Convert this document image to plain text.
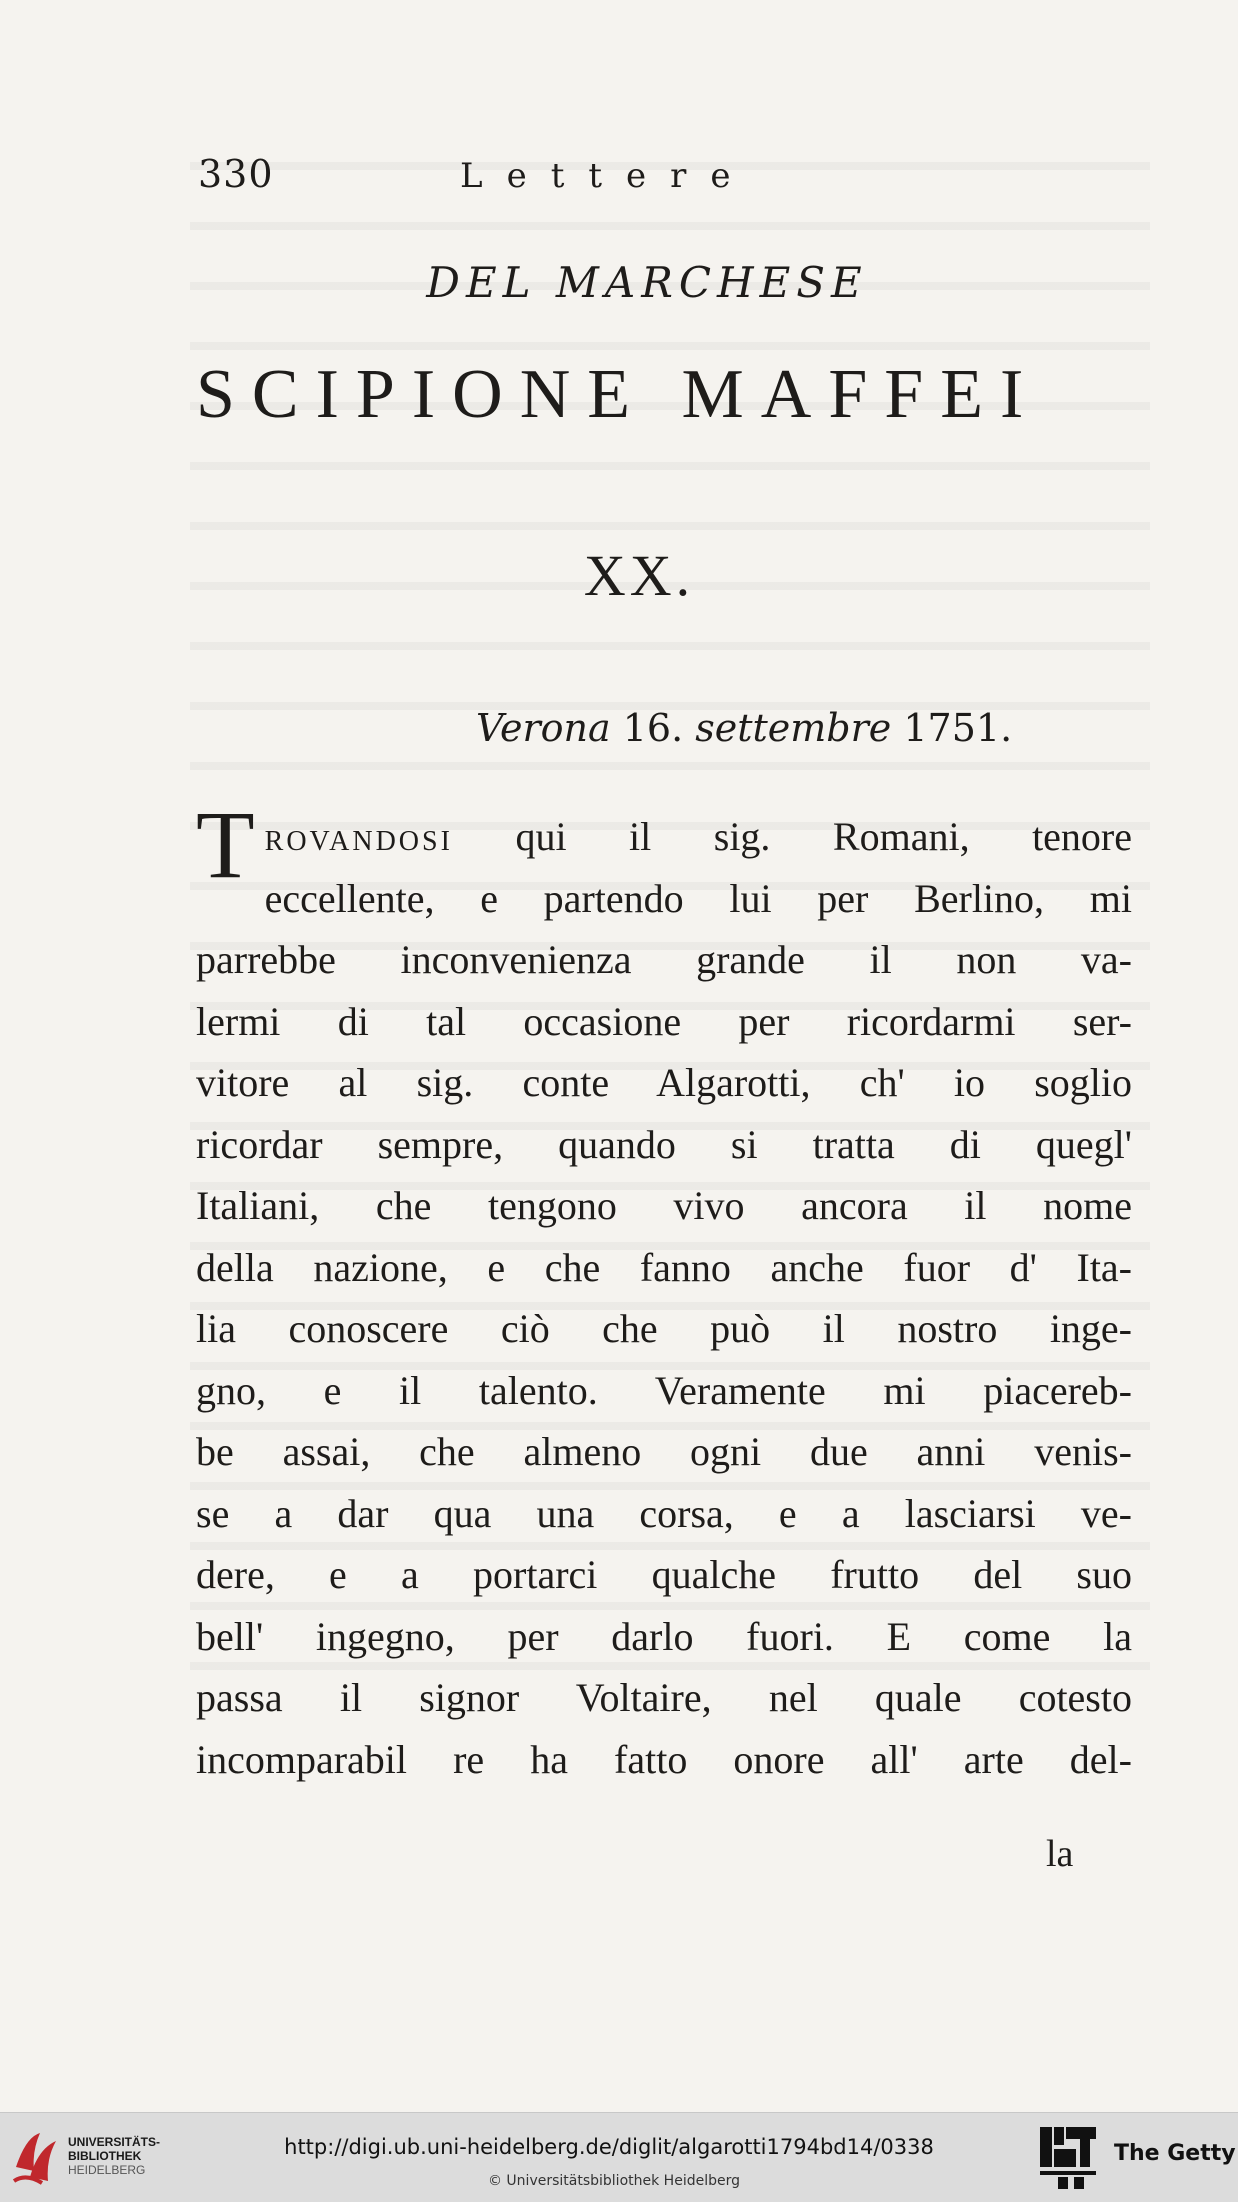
330	Lettere
DEL MARCHESE
SCIPIONE MAFFEI
XX.
Verona 16. settembre 1751.
T rovandosi qui il sig. Romani, tenore
eccellente, e partendo lui per Berlino, mi
parrebbe inconvenienza grande il non va-
lermi di tal occasione per ricordarmi ser-
vitore al sig. conte Algarotti, ch' io soglio
ricordar sempre, quando si tratta di quegl'
Italiani, che tengono vivo ancora il nome
della nazione, e che fanno anche fuor d' Ita-
lia conoscere ciò che può il nostro inge-
gno, e il talento. Veramente mi piacereb-
be assai, che almeno ogni due anni venis-
se a dar qua una corsa, e a lasciarsi ve-
dere, e a portarci qualche frutto del suo
bell' ingegno, per darlo fuori. E come la
passa il signor Voltaire, nel quale cotesto
incomparabil re ha fatto onore all' arte del-
la
UNIVERSITÄTS-
BIBLIOTHEK
HEIDELBERG
http://digi.ub.uni-heidelberg.de/diglit/algarotti1794bd14/0338
© Universitätsbibliothek Heidelberg
The Getty
